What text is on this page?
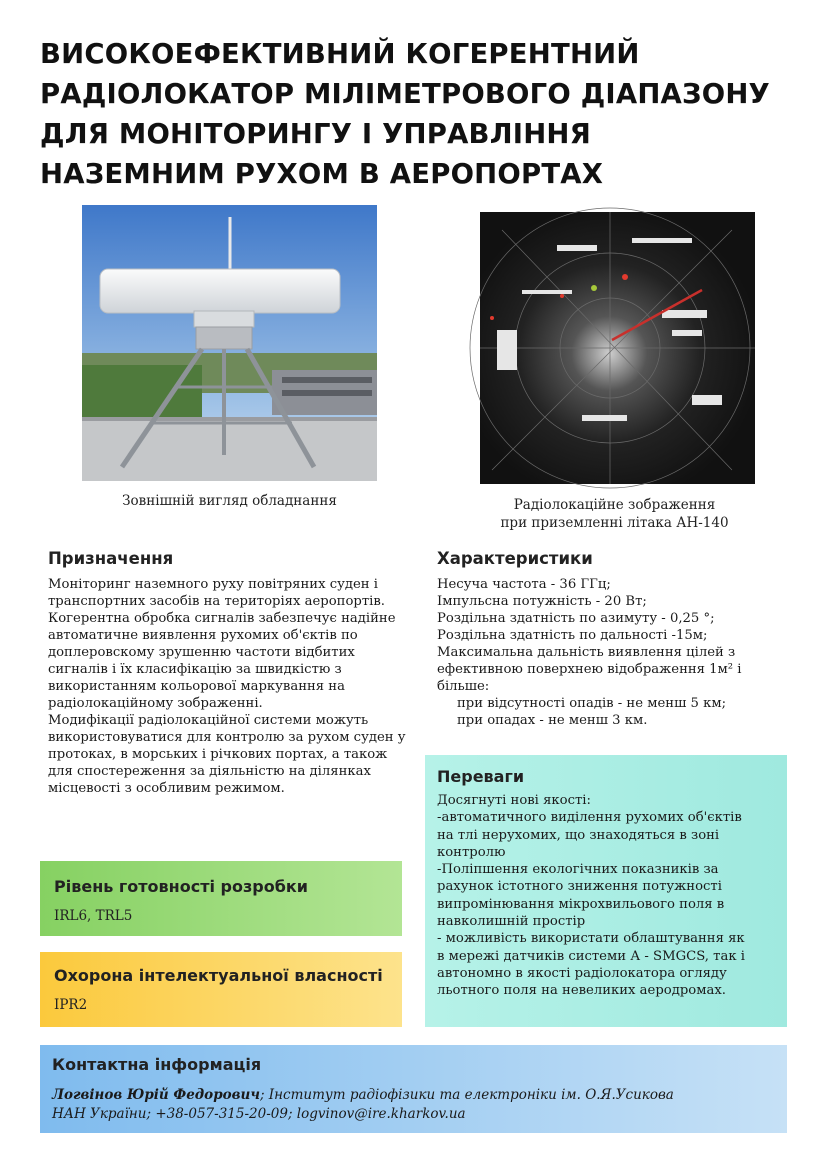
ВИСОКОЕФЕКТИВНИЙ КОГЕРЕНТНИЙ
РАДІОЛОКАТОР МІЛІМЕТРОВОГО ДІАПАЗОНУ
ДЛЯ МОНІТОРИНГУ І УПРАВЛІННЯ
НАЗЕМНИМ РУХОМ В АЕРОПОРТАХ
Зовнішній вигляд обладнання	Радіолокаційне зображення
при приземленні літака АН-140
Призначення

Моніторинг наземного руху повітряних суден і транспортних засобів на територіях аеропортів.

Когерентна обробка сигналів забезпечує надійне автоматичне виявлення рухомих об'єктів по доплеровскому зрушенню частоти відбитих сигналів і їх класифікацію за швидкістю з використанням кольорової маркування на радіолокаційному зображенні.

Модифікації радіолокаційної системи можуть використовуватися для контролю за рухом суден у протоках, в морських і річкових портах, а також для спостереження за діяльністю на ділянках місцевості з особливим режимом.

Характеристики
Несуча частота - 36 ГГц;
Імпульсна потужність - 20 Вт;
Роздільна здатність по азимуту - 0,25 °;
Роздільна здатність по дальності -15м;
Максимальна дальність виявлення цілей з
ефективною поверхнею відображення 1м² і
більше:
при відсутності опадів - не менш 5 км;
при опадах - не менш 3 км.
Переваги
Досягнуті нові якості:
-автоматичного виділення рухомих об'єктів
на тлі нерухомих, що знаходяться в зоні
контролю
-Поліпшення екологічних показників за
рахунок істотного зниження потужності
випромінювання мікрохвильового поля в
навколишній простір
- можливість використати облаштування як
в мережі датчиків системи А - SMGCS, так і
автономно в якості радіолокатора огляду
льотного поля на невеликих аеродромах.
Рівень готовності розробки
IRL6, TRL5
Охорона інтелектуальної власності
IPR2
Контактна інформація
Логвінов Юрій Федорович; Інститут радіофізики та електроніки ім. О.Я.Усикова
НАН України; +38-057-315-20-09; logvinov@ire.kharkov.ua
